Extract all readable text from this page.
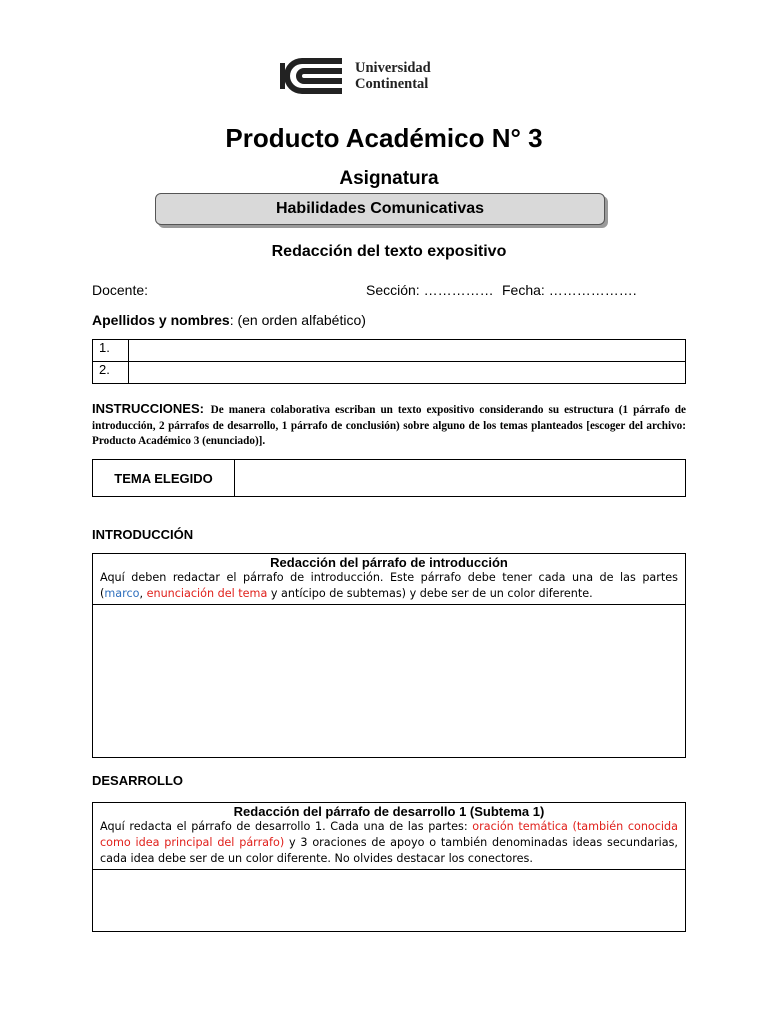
Universidad
Continental
Producto Académico N° 3
Asignatura
Habilidades Comunicativas
Redacción del texto expositivo
Docente:	Sección: …………… Fecha: ……………….
Apellidos y nombres: (en orden alfabético)
1.	
2.	
INSTRUCCIONES: De manera colaborativa escriban un texto expositivo considerando su estructura (1 párrafo de introducción, 2 párrafos de desarrollo, 1 párrafo de conclusión) sobre alguno de los temas planteados [escoger del archivo: Producto Académico 3 (enunciado)].
TEMA ELEGIDO
INTRODUCCIÓN
Redacción del párrafo de introducción
Aquí deben redactar el párrafo de introducción. Este párrafo debe tener cada una de las partes (marco, enunciación del tema y antícipo de subtemas) y debe ser de un color diferente.
DESARROLLO
Redacción del párrafo de desarrollo 1 (Subtema 1)
Aquí redacta el párrafo de desarrollo 1. Cada una de las partes: oración temática (también conocida como idea principal del párrafo) y 3 oraciones de apoyo o también denominadas ideas secundarias, cada idea debe ser de un color diferente. No olvides destacar los conectores.
